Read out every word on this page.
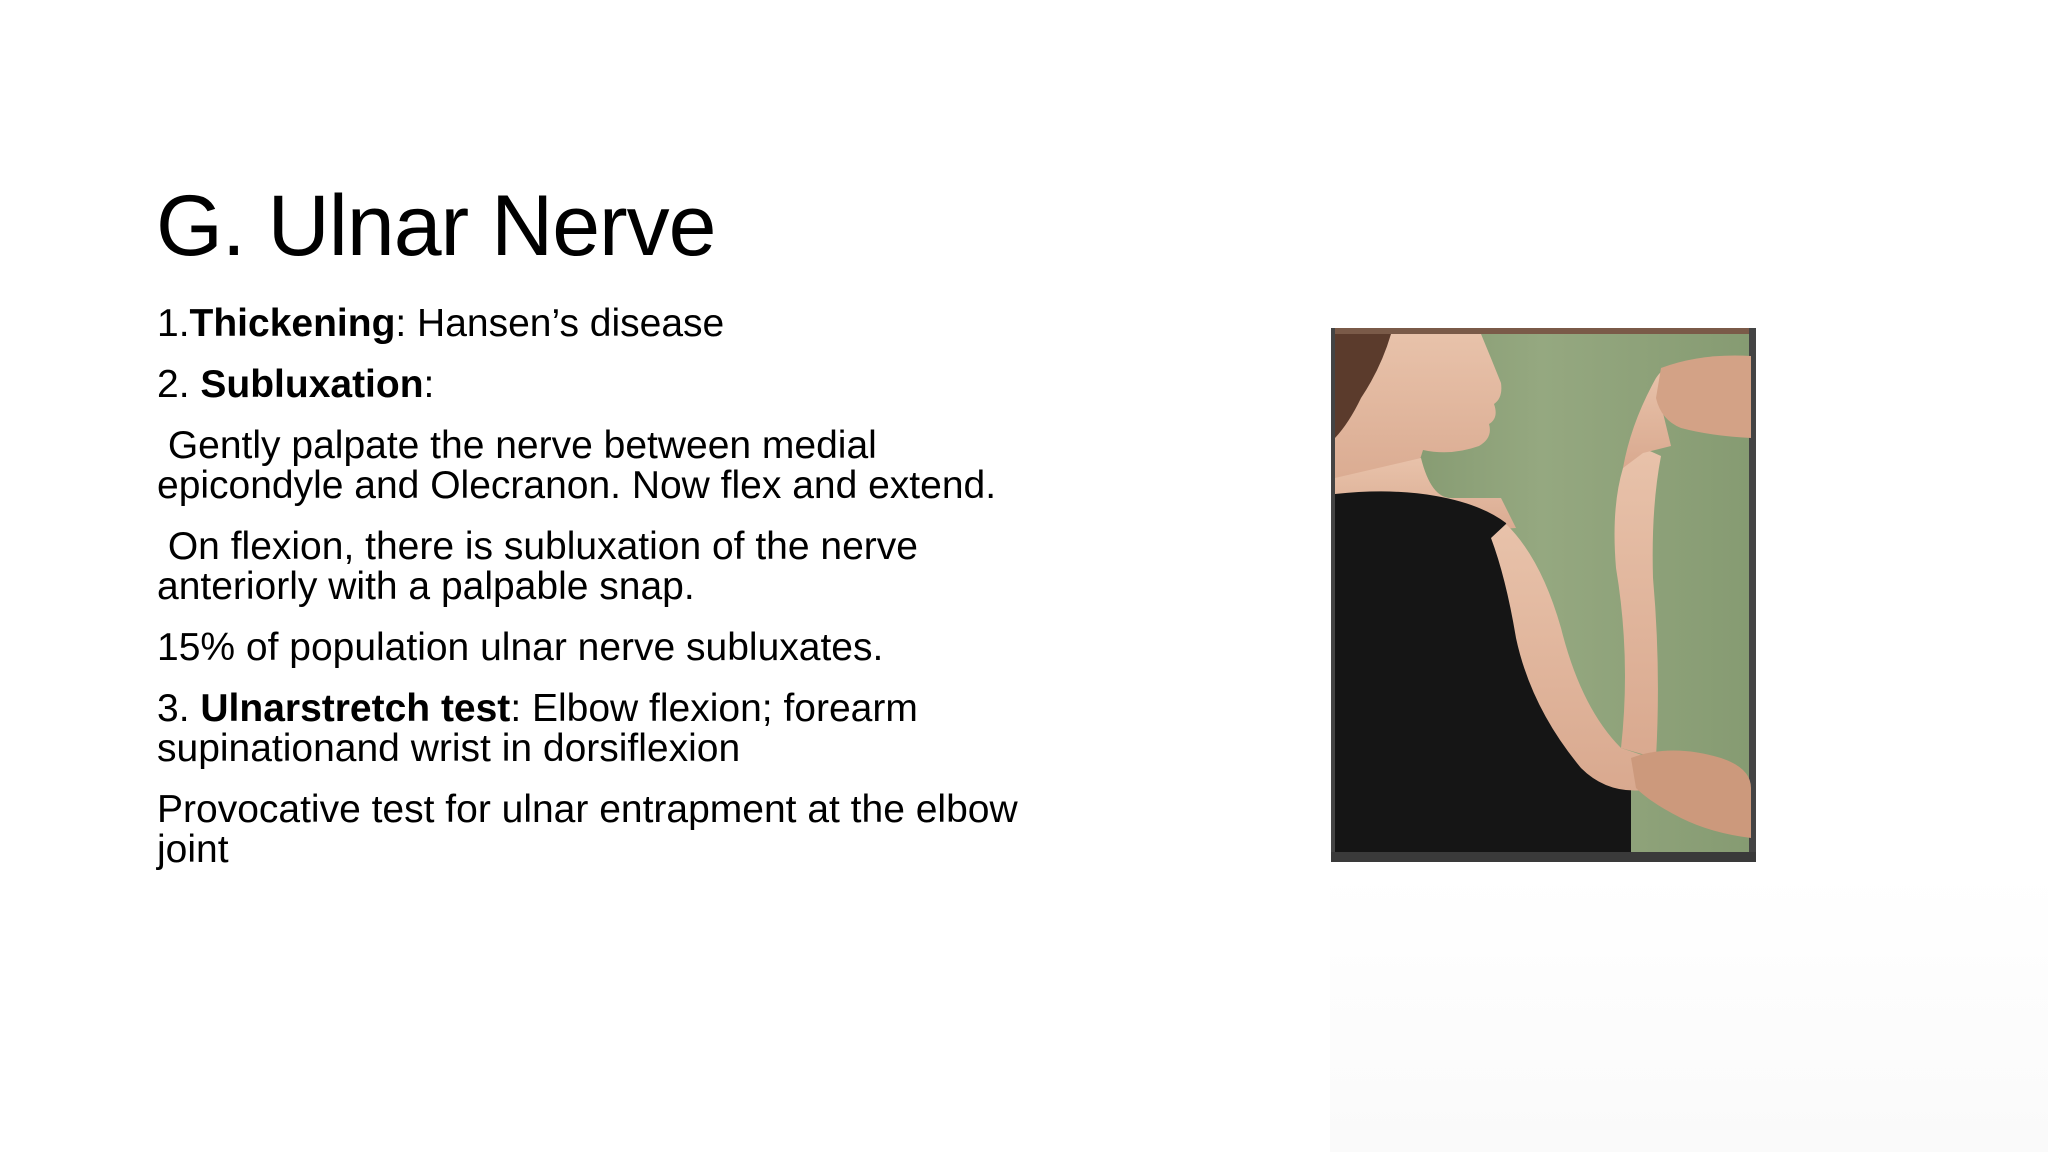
G. Ulnar Nerve

1.Thickening: Hansen’s disease

2. Subluxation:

Gently palpate the nerve between medial epicondyle and Olecranon. Now flex and extend.

On flexion, there is subluxation of the nerve anteriorly with a palpable snap.

15% of population ulnar nerve subluxates.

3. Ulnarstretch test: Elbow flexion; forearm supinationand wrist in dorsiflexion

Provocative test for ulnar entrapment at the elbow joint
